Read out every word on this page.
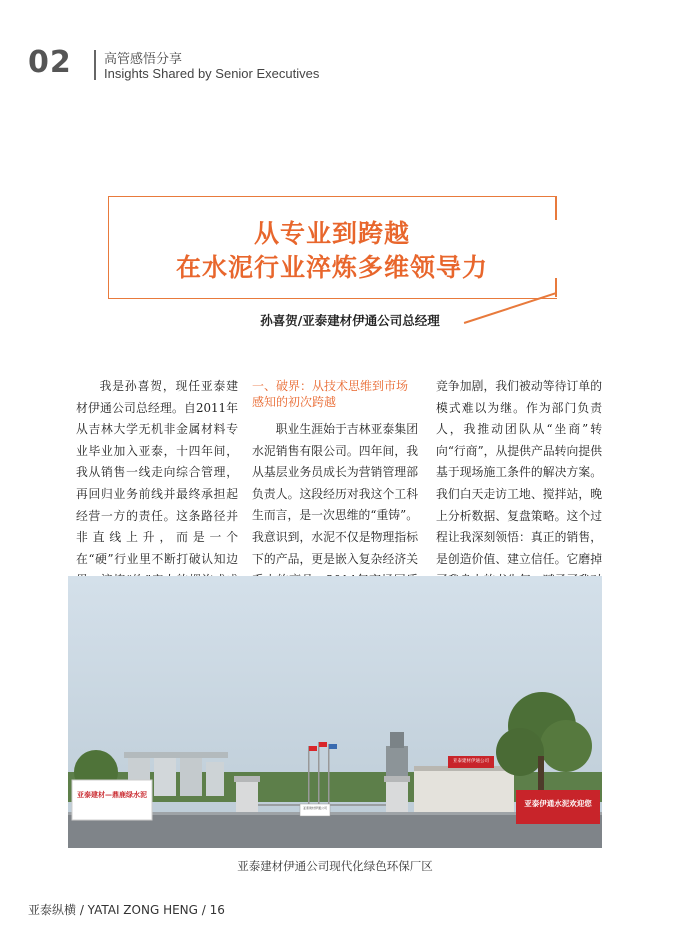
02 高管感悟分享
Insights Shared by Senior Executives
从专业到跨越
在水泥行业淬炼多维领导力
孙喜贺/亚泰建材伊通公司总经理

我是孙喜贺，现任亚泰建材伊通公司总经理。自2011年从吉林大学无机非金属材料专业毕业加入亚泰，十四年间，我从销售一线走向综合管理，再回归业务前线并最终承担起经营一方的责任。这条路径并非直线上升，而是一个在“硬”行业里不断打破认知边

一、破界：从技术思维到市场感知的初次跨越

职业生涯始于吉林亚泰集团水泥销售有限公司。四年间，我从基层业务员成长为营销管理部负责人。这段经历对我这个工科生而言，是一次思维的“重铸”。我意识到，水泥不仅是物理指标下的产品，更是嵌入复杂经济关

竞争加剧，我们被动等待订单的模式难以为继。作为部门负责人，我推动团队从“坐商”转向“行商”，从提供产品转向提供基于现场施工条件的解决方案。我们白天走访工地、搅拌站，晚上分析数据、复盘策略。这个过程让我深刻领悟：真正的销售，是创造价值、建立信任。它磨掉

亚泰建材—鼎鹿绿水泥
亚泰伊通水泥欢迎您
亚泰建材伊通公司
亚泰建材伊通公司
亚泰建材伊通公司现代化绿色环保厂区
亚泰纵横 / YATAI ZONG HENG / 16
